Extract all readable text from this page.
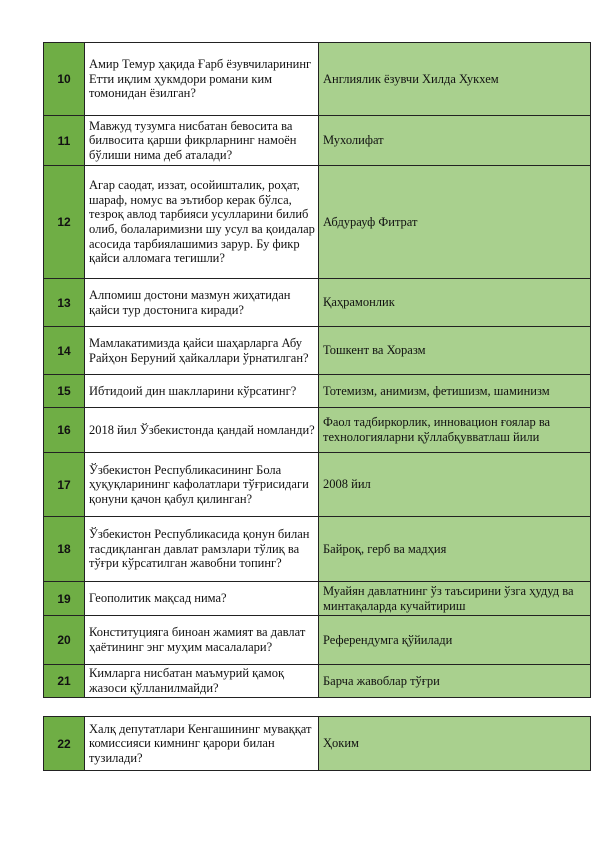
10	Амир Темур ҳақида Ғарб ёзувчиларининг Етти иқлим ҳукмдори романи ким томонидан ёзилган?	Англиялик ёзувчи Хилда Хукхем
11	Мавжуд тузумга нисбатан бевосита ва билвосита қарши фикрларнинг намоён бўлиши нима деб аталади?	Мухолифат
12	Агар саодат, иззат, осойишталик, роҳат, шараф, номус ва эътибор керак бўлса, тезроқ авлод тарбияси усулларини билиб олиб, болаларимизни шу усул ва қоидалар асосида тарбиялашимиз зарур. Бу фикр қайси алломага тегишли?	Абдурауф Фитрат
13	Алпомиш достони мазмун жиҳатидан қайси тур достонига киради?	Қаҳрамонлик
14	Мамлакатимизда қайси шаҳарларга Абу Райҳон Беруний ҳайкаллари ўрнатилган?	Тошкент ва Хоразм
15	Ибтидоий дин шаклларини кўрсатинг?	Тотемизм, анимизм, фетишизм, шаминизм
16	2018 йил Ўзбекистонда қандай номланди?	Фаол тадбиркорлик, инновацион ғоялар ва технологияларни қўллабқувватлаш йили
17	Ўзбекистон Республикасининг Бола ҳуқуқларининг кафолатлари тўғрисидаги қонуни қачон қабул қилинган?	2008 йил
18	Ўзбекистон Республикасида қонун билан тасдиқланган давлат рамзлари тўлиқ ва тўғри кўрсатилган жавобни топинг?	Байроқ, герб ва мадҳия
19	Геополитик мақсад нима?	Муайян давлатнинг ўз таъсирини ўзга ҳудуд ва минтақаларда кучайтириш
20	Конституцияга биноан жамият ва давлат ҳаётининг энг муҳим масалалари?	Референдумга қўйилади
21	Кимларга нисбатан маъмурий қамоқ жазоси қўлланилмайди?	Барча жавоблар тўғри
22	Халқ депутатлари Кенгашининг муваққат комиссияси кимнинг қарори билан тузилади?	Ҳоким
